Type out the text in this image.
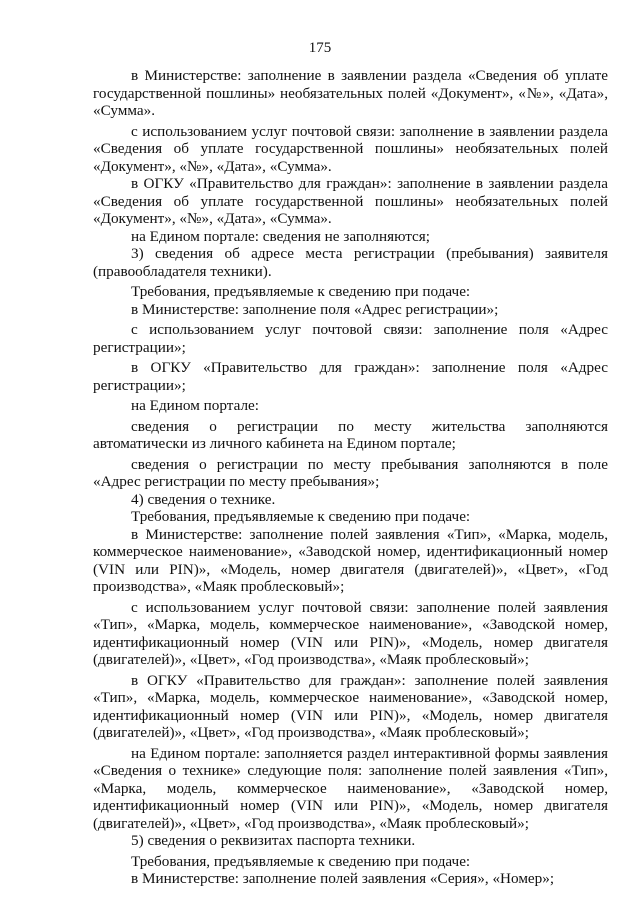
175

в Министерстве: заполнение в заявлении раздела «Сведения об уплате государственной пошлины» необязательных полей «Документ», «№», «Дата», «Сумма».

с использованием услуг почтовой связи: заполнение в заявлении раздела «Сведения об уплате государственной пошлины» необязательных полей «Документ», «№», «Дата», «Сумма».

в ОГКУ «Правительство для граждан»: заполнение в заявлении раздела «Сведения об уплате государственной пошлины» необязательных полей «Документ», «№», «Дата», «Сумма».

на Едином портале: сведения не заполняются;

3) сведения об адресе места регистрации (пребывания) заявителя (правообладателя техники).

Требования, предъявляемые к сведению при подаче:

в Министерстве: заполнение поля «Адрес регистрации»;

с использованием услуг почтовой связи: заполнение поля «Адрес регистрации»;

в ОГКУ «Правительство для граждан»: заполнение поля «Адрес регистрации»;

на Едином портале:

сведения о регистрации по месту жительства заполняются автоматически из личного кабинета на Едином портале;

сведения о регистрации по месту пребывания заполняются в поле «Адрес регистрации по месту пребывания»;

4) сведения о технике.

Требования, предъявляемые к сведению при подаче:

в Министерстве: заполнение полей заявления «Тип», «Марка, модель, коммерческое наименование», «Заводской номер, идентификационный номер (VIN или PIN)», «Модель, номер двигателя (двигателей)», «Цвет», «Год производства», «Маяк проблесковый»;

с использованием услуг почтовой связи: заполнение полей заявления «Тип», «Марка, модель, коммерческое наименование», «Заводской номер, идентификационный номер (VIN или PIN)», «Модель, номер двигателя (двигателей)», «Цвет», «Год производства», «Маяк проблесковый»;

в ОГКУ «Правительство для граждан»: заполнение полей заявления «Тип», «Марка, модель, коммерческое наименование», «Заводской номер, идентификационный номер (VIN или PIN)», «Модель, номер двигателя (двигателей)», «Цвет», «Год производства», «Маяк проблесковый»;

на Едином портале: заполняется раздел интерактивной формы заявления «Сведения о технике» следующие поля: заполнение полей заявления «Тип», «Марка, модель, коммерческое наименование», «Заводской номер, идентификационный номер (VIN или PIN)», «Модель, номер двигателя (двигателей)», «Цвет», «Год производства», «Маяк проблесковый»;

5) сведения о реквизитах паспорта техники.

Требования, предъявляемые к сведению при подаче:

в Министерстве: заполнение полей заявления «Серия», «Номер»;
